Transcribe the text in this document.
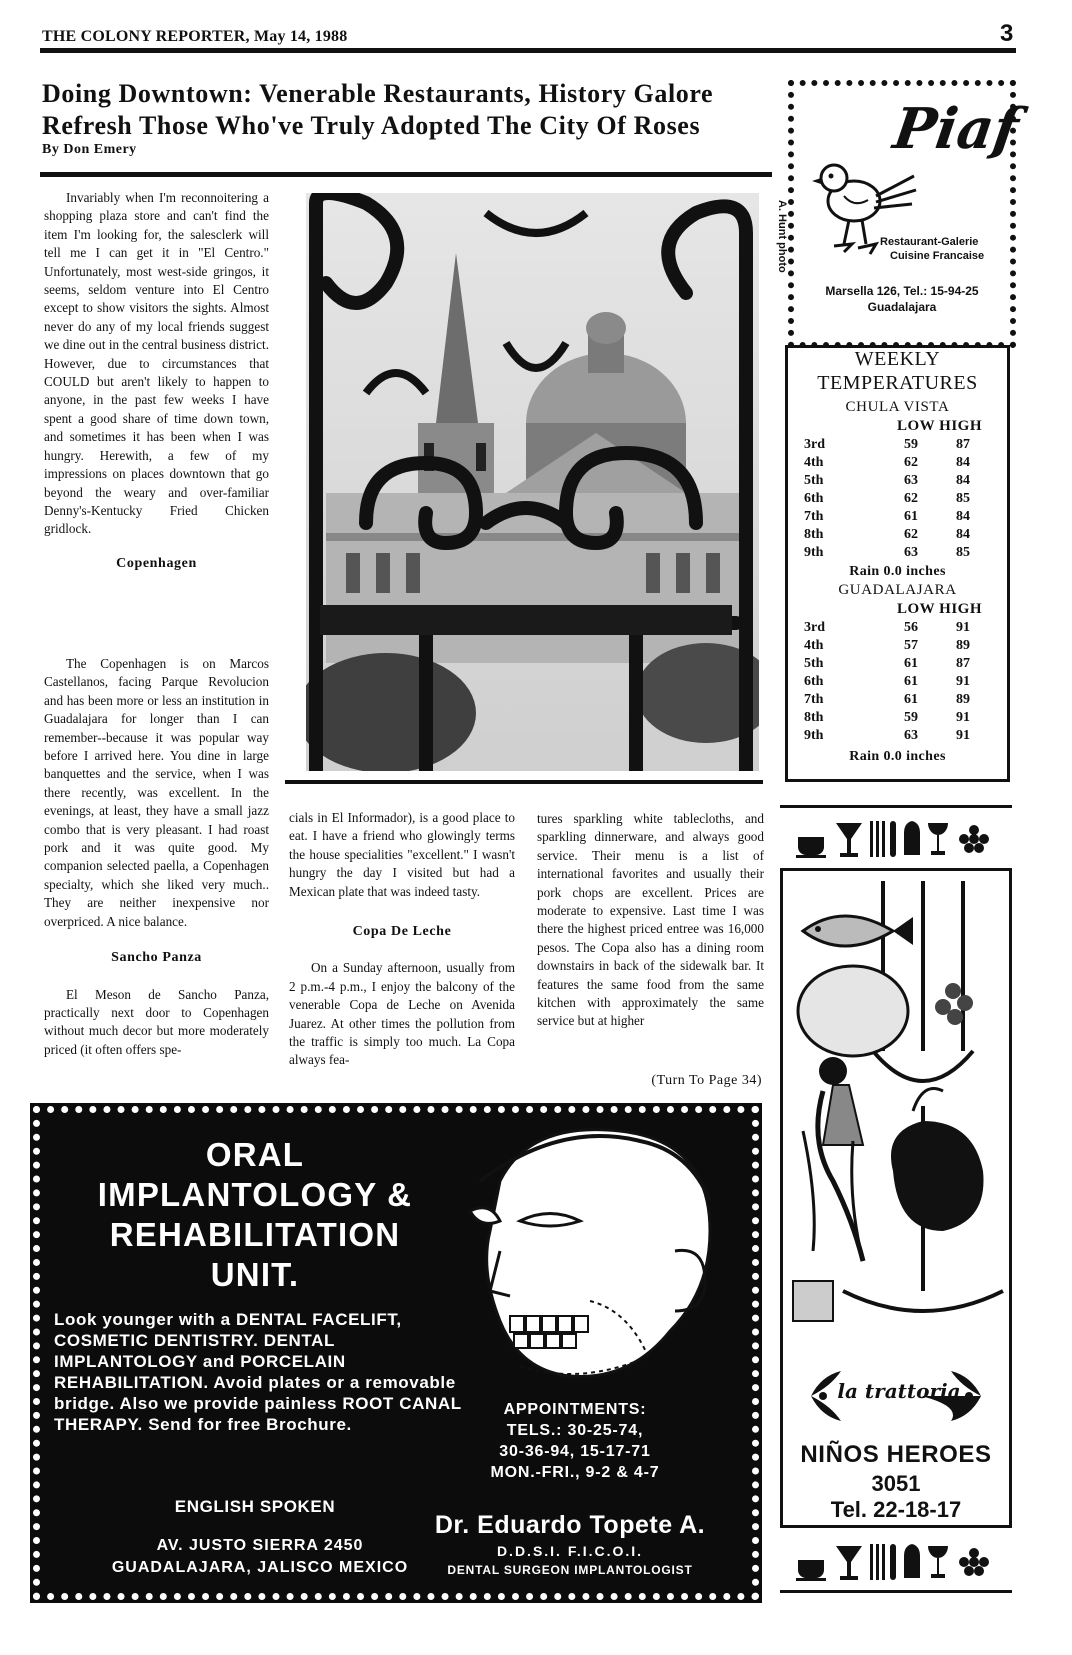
THE COLONY REPORTER, May 14, 1988	3
Doing Downtown: Venerable Restaurants, History Galore
Refresh Those Who've Truly Adopted The City Of Roses
By Don Emery

Invariably when I'm reconnoitering a shopping plaza store and can't find the item I'm looking for, the salesclerk will tell me I can get it in "El Centro." Unfortunately, most west-side gringos, it seems, seldom venture into El Centro except to show visitors the sights. Almost never do any of my local friends suggest we dine out in the central business district. However, due to circumstances that COULD but aren't likely to happen to anyone, in the past few weeks I have spent a good share of time down town, and sometimes it has been when I was hungry. Herewith, a few of my impressions on places downtown that go beyond the weary and over-familiar Denny's-Kentucky Fried Chicken gridlock.

Copenhagen

The Copenhagen is on Marcos Castellanos, facing Parque Revolucion and has been more or less an institution in Guadalajara for longer than I can remember--because it was popular way before I arrived here. You dine in large banquettes and the service, when I was there recently, was excellent. In the evenings, at least, they have a small jazz combo that is very pleasant. I had roast pork and it was quite good. My companion selected paella, a Copenhagen specialty, which she liked very much.. They are neither inexpensive nor overpriced. A nice balance.

Sancho Panza

El Meson de Sancho Panza, practically next door to Copenhagen without much decor but more moderately priced (it often offers spe-

A. Hunt photo

cials in El Informador), is a good place to eat. I have a friend who glowingly terms the house specialities "excellent." I wasn't hungry the day I visited but had a Mexican plate that was indeed tasty.

Copa De Leche

On a Sunday afternoon, usually from 2 p.m.-4 p.m., I enjoy the balcony of the venerable Copa de Leche on Avenida Juarez. At other times the pollution from the traffic is simply too much. La Copa always fea-

tures sparkling white tablecloths, and sparkling dinnerware, and always good service. Their menu is a list of international favorites and usually their pork chops are excellent. Prices are moderate to expensive. Last time I was there the highest priced entree was 16,000 pesos. The Copa also has a dining room downstairs in back of the sidewalk bar. It features the same food from the same kitchen with approximately the same service but at higher

(Turn To Page 34)
Piaf
Restaurant-Galerie
Cuisine Francaise
Marsella 126, Tel.: 15-94-25
Guadalajara
WEEKLY
TEMPERATURES
CHULA VISTA
LOW HIGH
3rd	59	87
4th	62	84
5th	63	84
6th	62	85
7th	61	84
8th	62	84
9th	63	85
Rain 0.0 inches
GUADALAJARA
LOW HIGH
3rd	56	91
4th	57	89
5th	61	87
6th	61	91
7th	61	89
8th	59	91
9th	63	91
Rain 0.0 inches
la trattoria
NIÑOS HEROES
3051
Tel. 22-18-17
ORAL
IMPLANTOLOGY &
REHABILITATION
UNIT.
Look younger with a DENTAL FACELIFT, COSMETIC DENTISTRY. DENTAL IMPLANTOLOGY and PORCELAIN REHABILITATION. Avoid plates or a removable bridge. Also we provide painless ROOT CANAL THERAPY. Send for free Brochure.
ENGLISH SPOKEN
AV. JUSTO SIERRA 2450
GUADALAJARA, JALISCO MEXICO
APPOINTMENTS:
TELS.: 30-25-74,
30-36-94, 15-17-71
MON.-FRI., 9-2 & 4-7
Dr. Eduardo Topete A.
D.D.S.I. F.I.C.O.I.
DENTAL SURGEON IMPLANTOLOGIST
